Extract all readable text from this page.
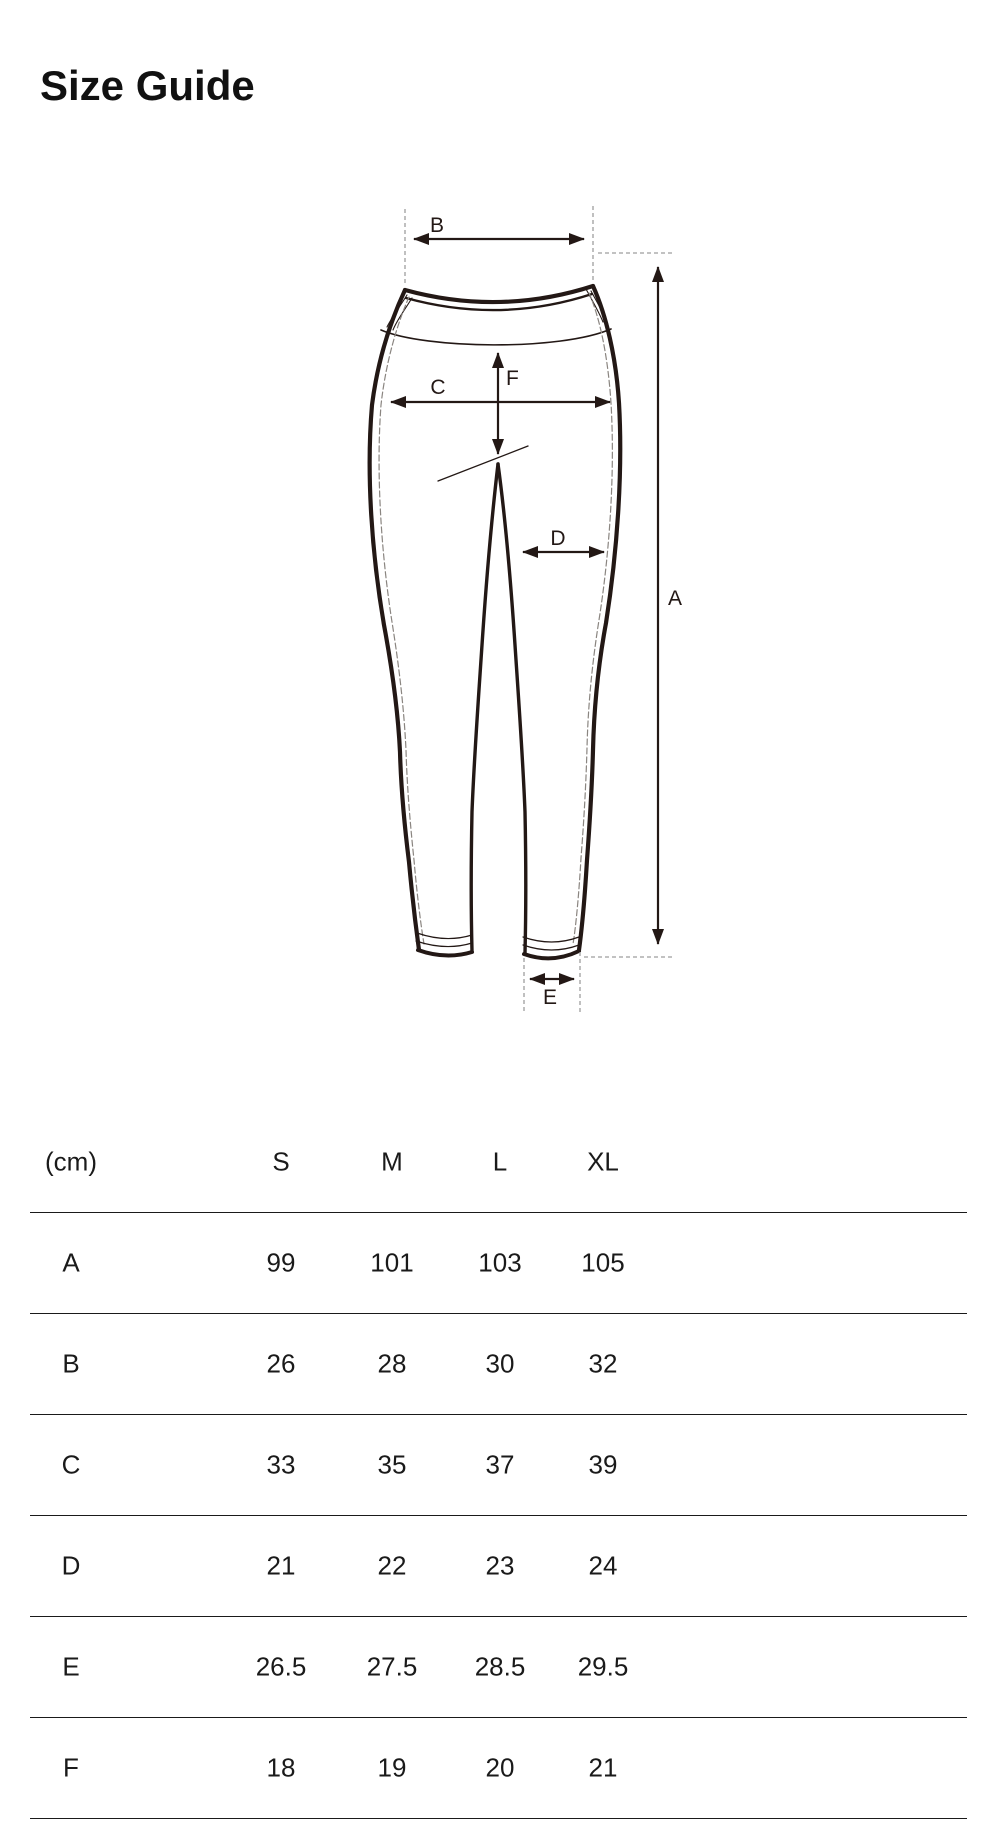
Size Guide
B
C	F
D
A
E
(cm)	S	M	L	XL
A	99	101 103 105
B	26	28	30	32
C	33	35	37	39
D	21	22	23	24
E	26.5 27.5 28.5 29.5
F	18	19	20	21
